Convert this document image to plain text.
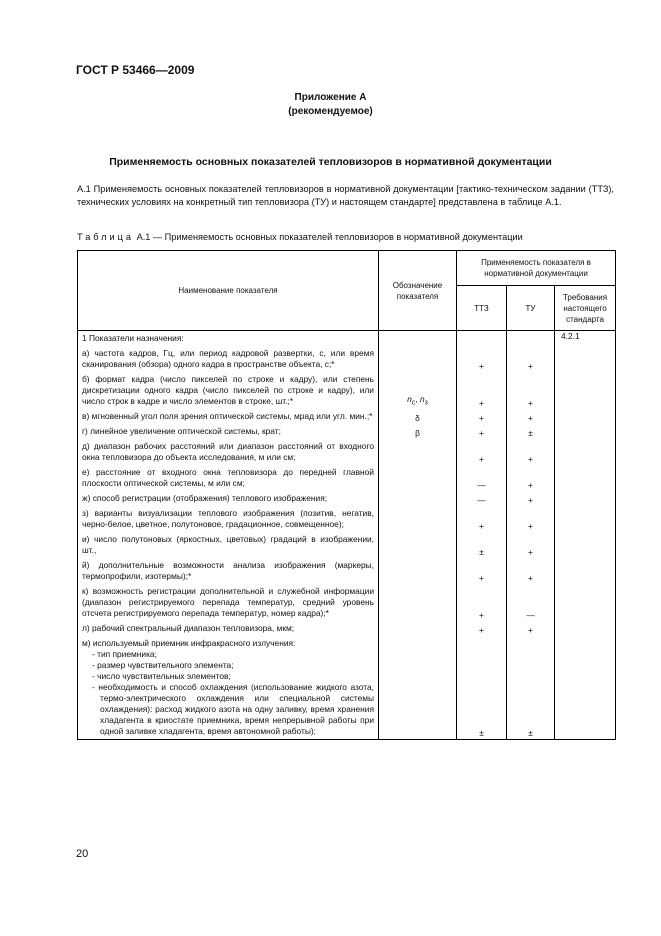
ГОСТ Р 53466—2009
Приложение А
(рекомендуемое)
Применяемость основных показателей тепловизоров в нормативной документации
А.1 Применяемость основных показателей тепловизоров в нормативной документации [тактико-техническом задании (ТТЗ), технических условиях на конкретный тип тепловизора (ТУ) и настоящем стандарте] представлена в таблице А.1.
Таблица А.1 — Применяемость основных показателей тепловизоров в нормативной документации
Наименование показателя	Обозначение показателя	Применяемость показателя в нормативной документации		
		ТТЗ	ТУ	Требования настоящего стандарта
1 Показатели назначения:				4.2.1
а) частота кадров, Гц, или период кадровой развертки, с, или время сканирования (обзора) одного кадра в пространстве объекта, с;*		+	+	
б) формат кадра (число пикселей по строке и кадру), или степень дискретизации одного кадра (число пикселей по строке и кадру), или число строк в кадре и число элементов в строке, шт.;*	$n_с$, $n_з$	+	+	
в) мгновенный угол поля зрения оптической системы, мрад или угл. мин.;*	δ	+	+	
г) линейное увеличение оптической системы, крат;	β	+	±	
д) диапазон рабочих расстояний или диапазон расстояний от входного окна тепловизора до объекта исследования, м или см;		+	+	
е) расстояние от входного окна тепловизора до передней главной плоскости оптической системы, м или см;		—	+	
ж) способ регистрации (отображения) теплового изображения;		—	+	
з) варианты визуализации теплового изображения (позитив, негатив, черно-белое, цветное, полутоновое, градационное, совмещенное);		+	+	
и) число полутоновых (яркостных, цветовых) градаций в изображении, шт.,		±	+	
й) дополнительные возможности анализа изображения (маркеры, термопрофили, изотермы);*		+	+	
к) возможность регистрации дополнительной и служебной информации (диапазон регистрируемого перепада температур, средний уровень отсчета регистрируемого перепада температур, номер кадра);*		+	—	
л) рабочий спектральный диапазон тепловизора, мкм;		+	+	
м) используемый приемник инфракрасного излучения:
- тип приемника;
- размер чувствительного элемента;
- число чувствительных элементов;
- необходимость и способ охлаждения (использование жидкого азота, термо-электрического охлаждения или специальной системы охлаждения): расход жидкого азота на одну заливку, время хранения хладагента в криостате приемника, время непрерывной работы при одной заливке хладагента, время автономной работы);		±	±	
20
